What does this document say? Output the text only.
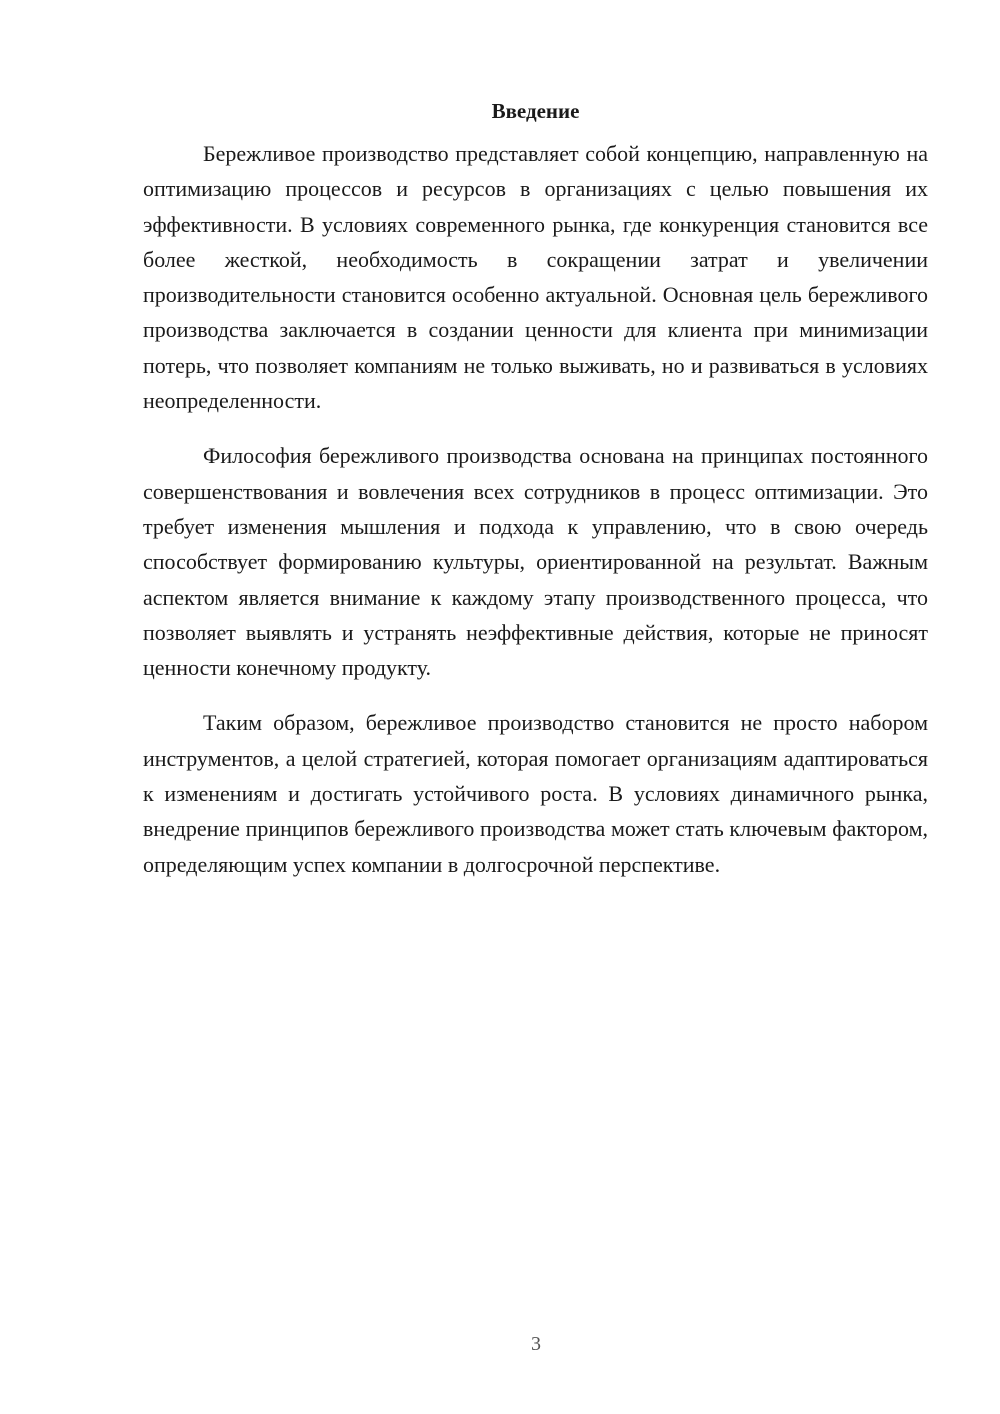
Введение

Бережливое производство представляет собой концепцию, направленную на оптимизацию процессов и ресурсов в организациях с целью повышения их эффективности. В условиях современного рынка, где конкуренция становится все более жесткой, необходимость в сокращении затрат и увеличении производительности становится особенно актуальной. Основная цель бережливого производства заключается в создании ценности для клиента при минимизации потерь, что позволяет компаниям не только выживать, но и развиваться в условиях неопределенности.

Философия бережливого производства основана на принципах постоянного совершенствования и вовлечения всех сотрудников в процесс оптимизации. Это требует изменения мышления и подхода к управлению, что в свою очередь способствует формированию культуры, ориентированной на результат. Важным аспектом является внимание к каждому этапу производственного процесса, что позволяет выявлять и устранять неэффективные действия, которые не приносят ценности конечному продукту.

Таким образом, бережливое производство становится не просто набором инструментов, а целой стратегией, которая помогает организациям адаптироваться к изменениям и достигать устойчивого роста. В условиях динамичного рынка, внедрение принципов бережливого производства может стать ключевым фактором, определяющим успех компании в долгосрочной перспективе.

3
